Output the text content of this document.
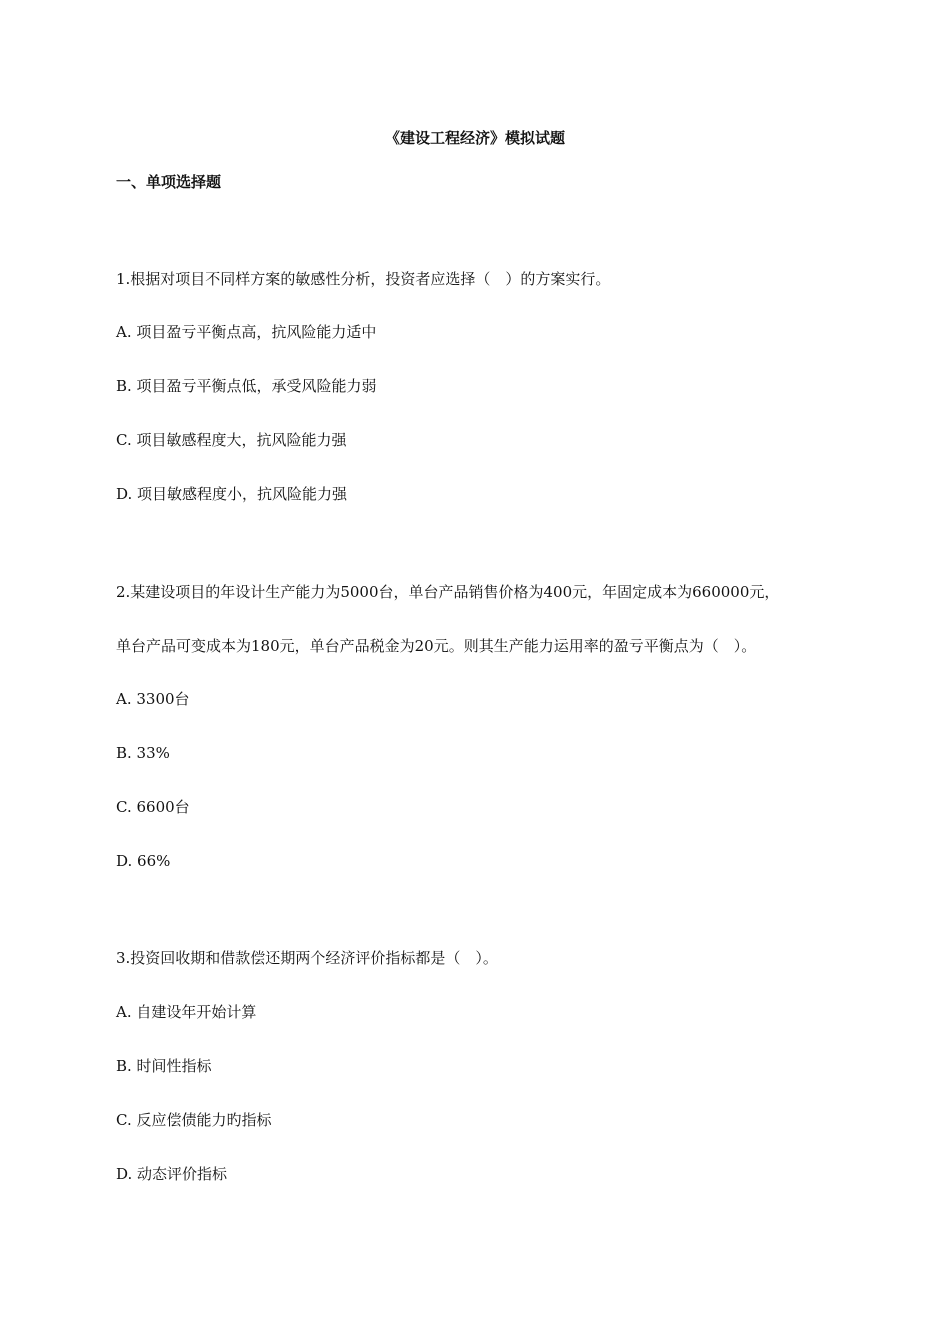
《建设工程经济》模拟试题
一、单项选择题
1.根据对项目不同样方案的敏感性分析，投资者应选择（　）的方案实行。
A. 项目盈亏平衡点高，抗风险能力适中
B. 项目盈亏平衡点低，承受风险能力弱
C. 项目敏感程度大，抗风险能力强
D. 项目敏感程度小，抗风险能力强
2.某建设项目的年设计生产能力为5000台，单台产品销售价格为400元，年固定成本为660000元，
单台产品可变成本为180元，单台产品税金为20元。则其生产能力运用率的盈亏平衡点为（　）。
A. 3300台
B. 33%
C. 6600台
D. 66%
3.投资回收期和借款偿还期两个经济评价指标都是（　）。
A. 自建设年开始计算
B. 时间性指标
C. 反应偿债能力旳指标
D. 动态评价指标
